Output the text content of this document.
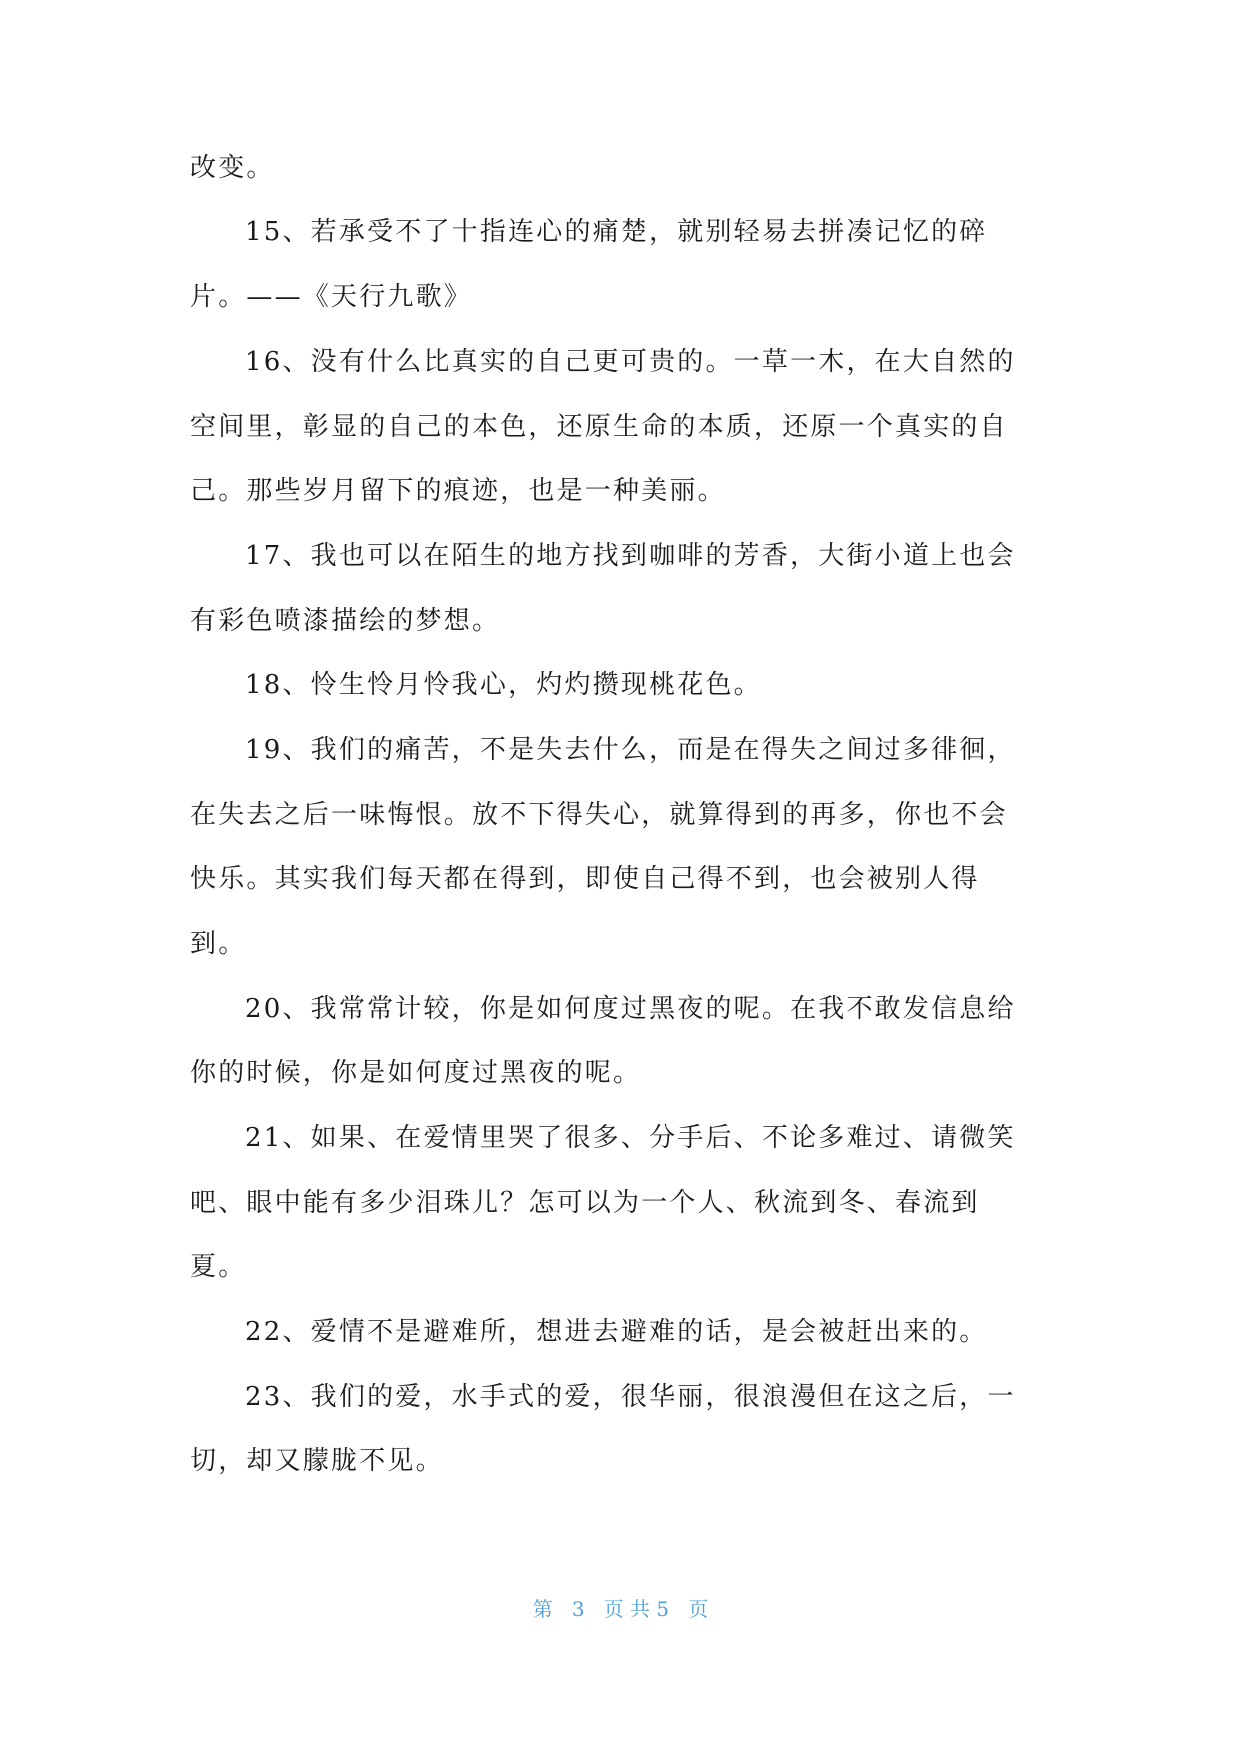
改变。

15、若承受不了十指连心的痛楚，就别轻易去拼凑记忆的碎

片。——《天行九歌》

16、没有什么比真实的自己更可贵的。一草一木，在大自然的

空间里，彰显的自己的本色，还原生命的本质，还原一个真实的自

己。那些岁月留下的痕迹，也是一种美丽。

17、我也可以在陌生的地方找到咖啡的芳香，大街小道上也会

有彩色喷漆描绘的梦想。

18、怜生怜月怜我心，灼灼攒现桃花色。

19、我们的痛苦，不是失去什么，而是在得失之间过多徘徊，

在失去之后一味悔恨。放不下得失心，就算得到的再多，你也不会

快乐。其实我们每天都在得到，即使自己得不到，也会被别人得

到。

20、我常常计较，你是如何度过黑夜的呢。在我不敢发信息给

你的时候，你是如何度过黑夜的呢。

21、如果、在爱情里哭了很多、分手后、不论多难过、请微笑

吧、眼中能有多少泪珠儿？怎可以为一个人、秋流到冬、春流到

夏。

22、爱情不是避难所，想进去避难的话，是会被赶出来的。

23、我们的爱，水手式的爱，很华丽，很浪漫但在这之后，一

切，却又朦胧不见。

第 3 页 共 5 页
